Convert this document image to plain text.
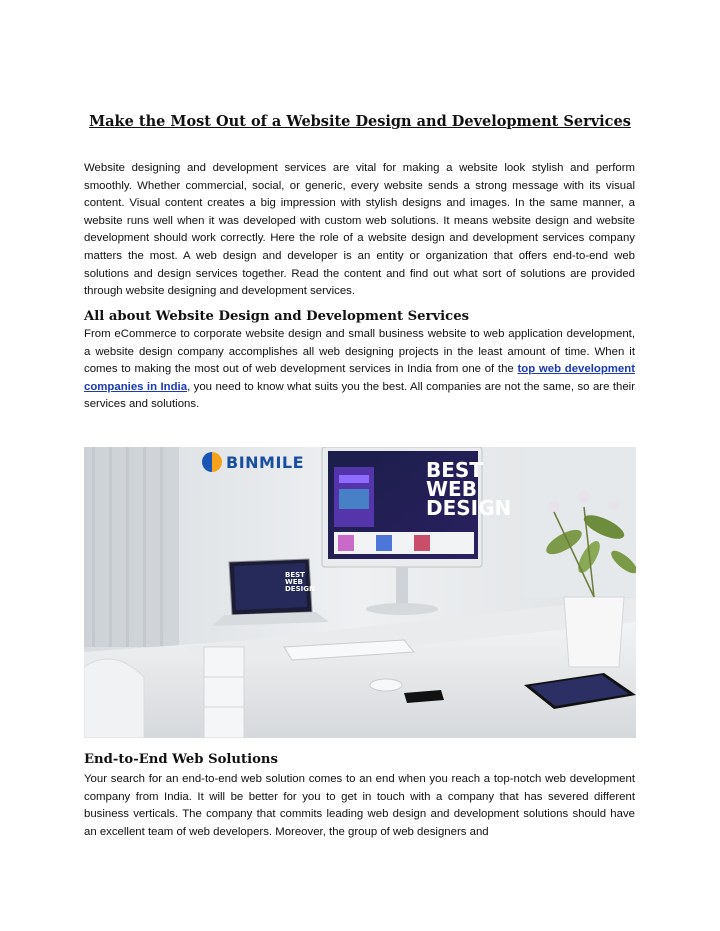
Make the Most Out of a Website Design and Development Services
Website designing and development services are vital for making a website look stylish and perform smoothly. Whether commercial, social, or generic, every website sends a strong message with its visual content. Visual content creates a big impression with stylish designs and images. In the same manner, a website runs well when it was developed with custom web solutions. It means website design and website development should work correctly. Here the role of a website design and development services company matters the most. A web design and developer is an entity or organization that offers end-to-end web solutions and design services together. Read the content and find out what sort of solutions are provided through website designing and development services.
All about Website Design and Development Services
From eCommerce to corporate website design and small business website to web application development, a website design company accomplishes all web designing projects in the least amount of time. When it comes to making the most out of web development services in India from one of the top web development companies in India, you need to know what suits you the best. All companies are not the same, so are their services and solutions.
BINMILE	BEST WEB DESIGN
BEST WEB DESIGN
End-to-End Web Solutions
Your search for an end-to-end web solution comes to an end when you reach a top-notch web development company from India. It will be better for you to get in touch with a company that has severed different business verticals. The company that commits leading web design and development solutions should have an excellent team of web developers. Moreover, the group of web designers and
